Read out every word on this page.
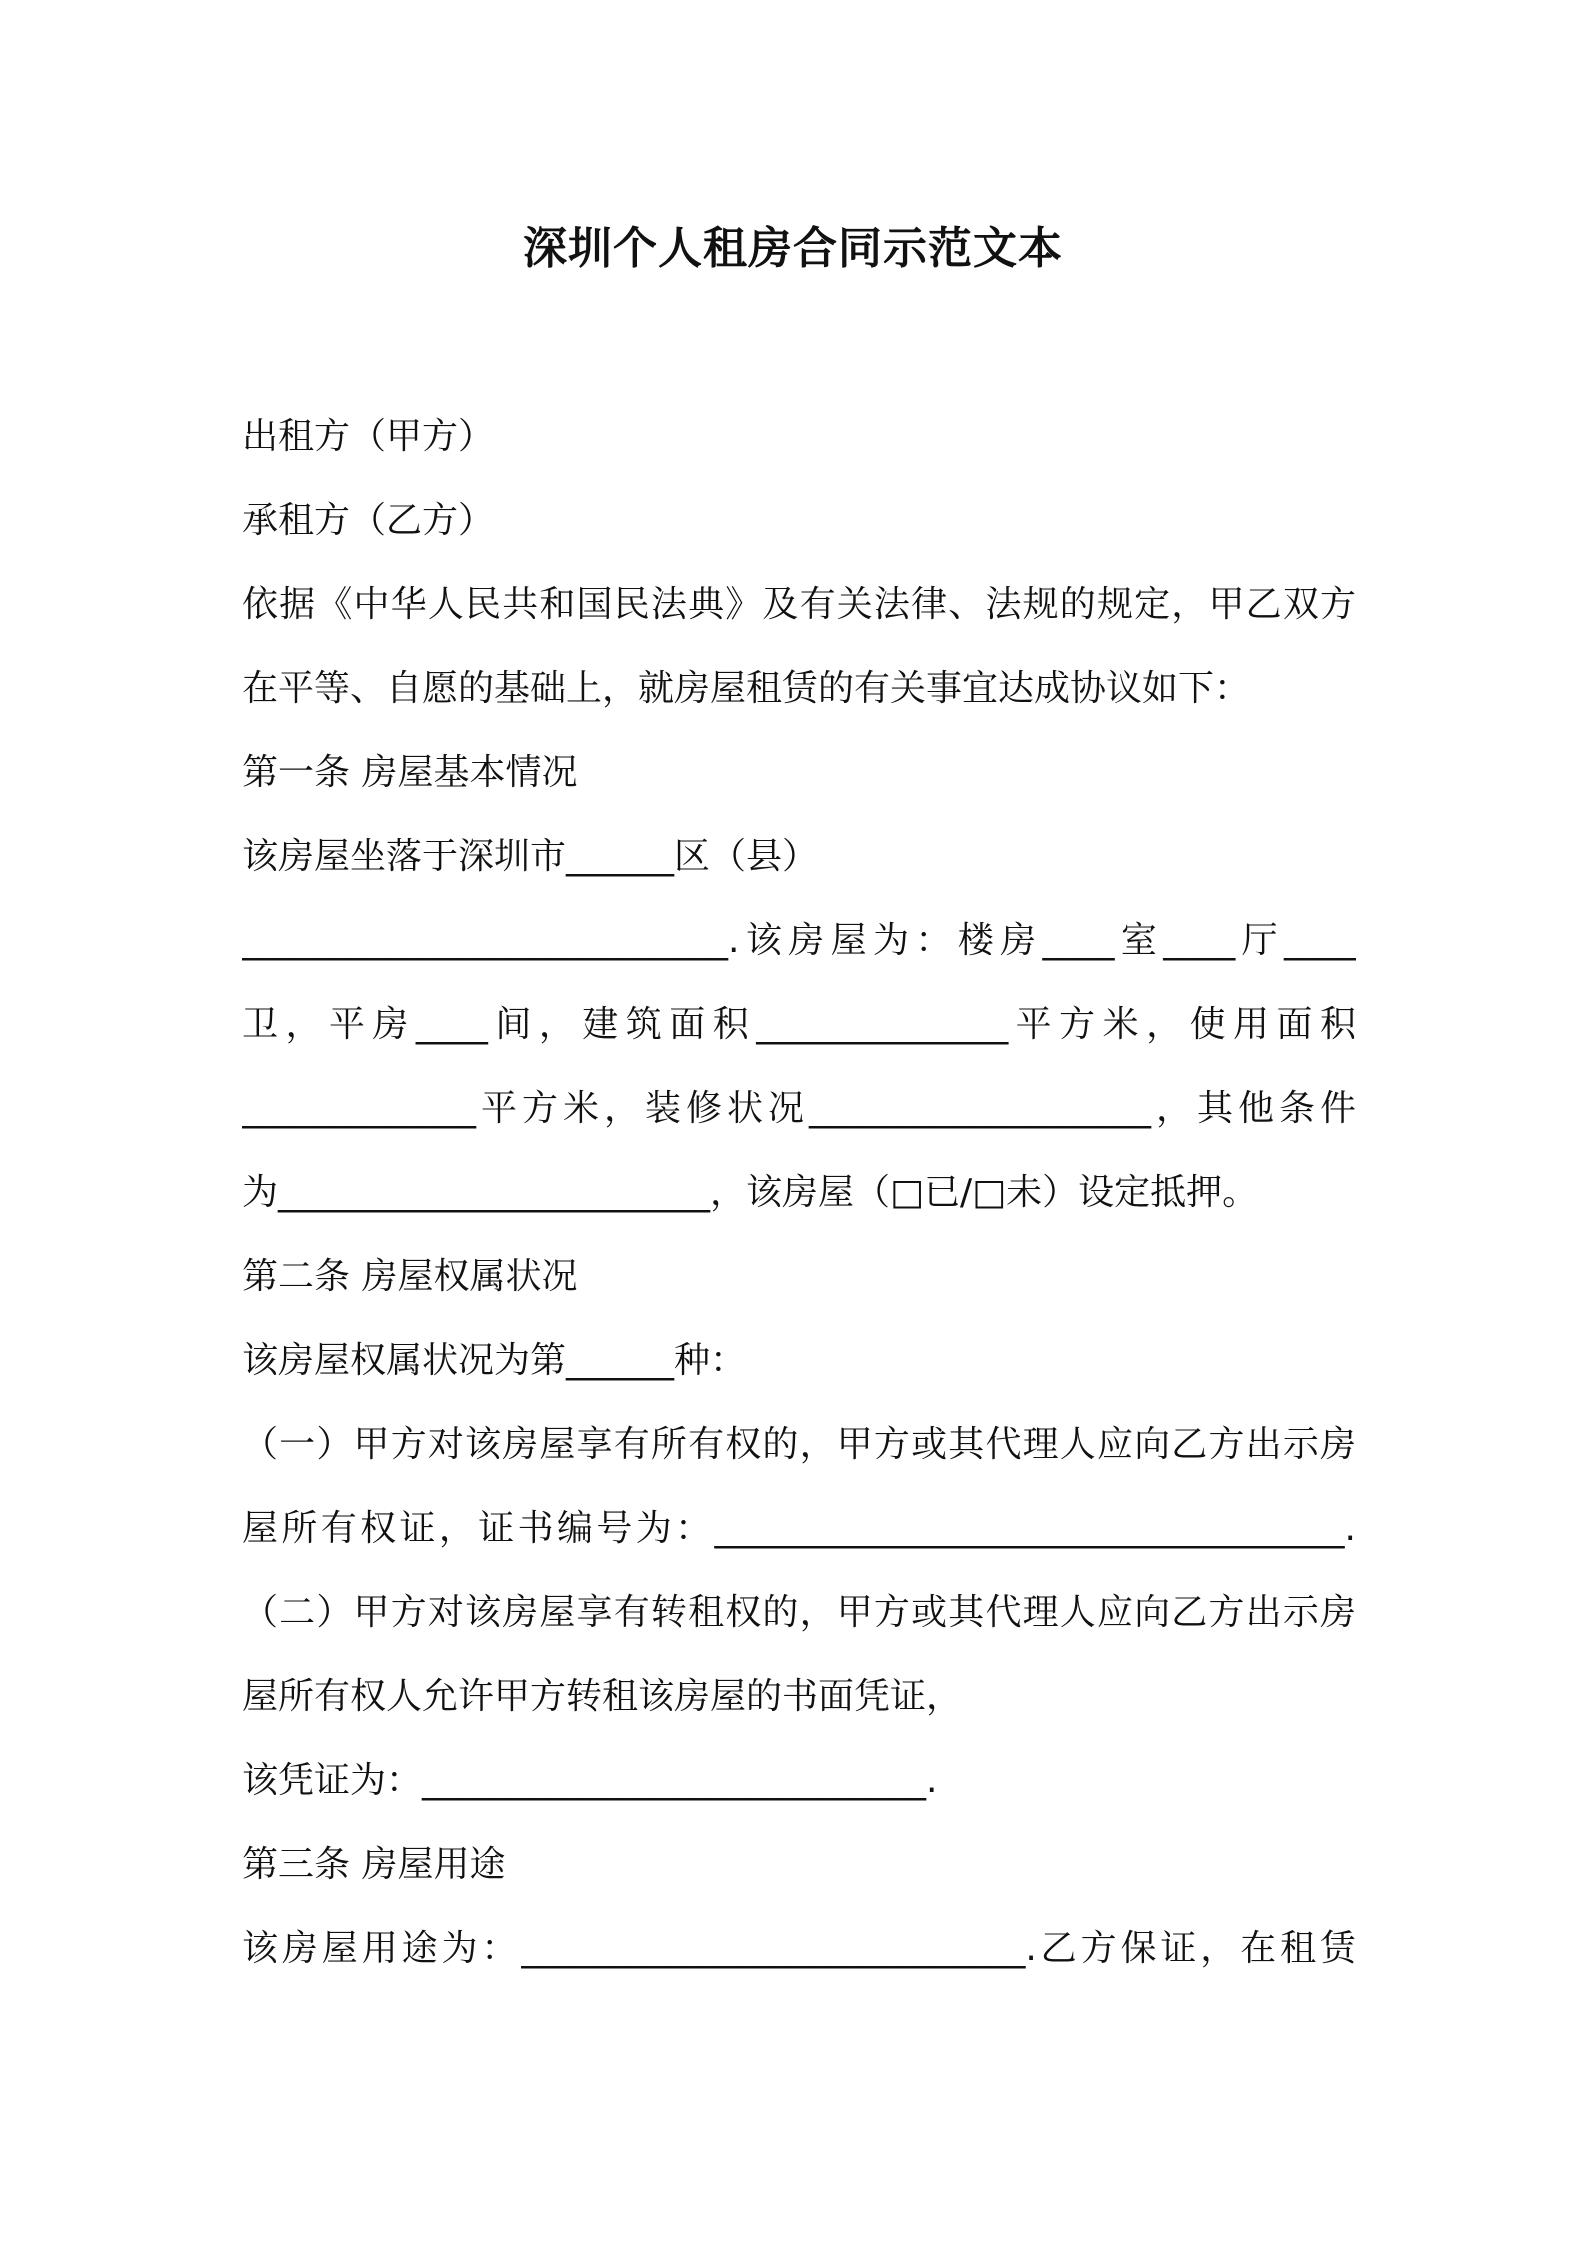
深圳个人租房合同示范文本
出租方（甲方）
承租方（乙方）
依据《中华人民共和国民法典》及有关法律、法规的规定，甲乙双方
在平等、自愿的基础上，就房屋租赁的有关事宜达成协议如下：
第一条 房屋基本情况
该房屋坐落于深圳市______区（县）
___________________________.该房屋为：楼房____室____厅____
卫，平房____间，建筑面积______________平方米，使用面积
_____________平方米，装修状况___________________，其他条件
为________________________，该房屋（□已/□未）设定抵押。
第二条 房屋权属状况
该房屋权属状况为第______种：
（一）甲方对该房屋享有所有权的，甲方或其代理人应向乙方出示房
屋所有权证，证书编号为：___________________________________.
（二）甲方对该房屋享有转租权的，甲方或其代理人应向乙方出示房
屋所有权人允许甲方转租该房屋的书面凭证，
该凭证为：____________________________.
第三条 房屋用途
该房屋用途为：____________________________.乙方保证，在租赁
